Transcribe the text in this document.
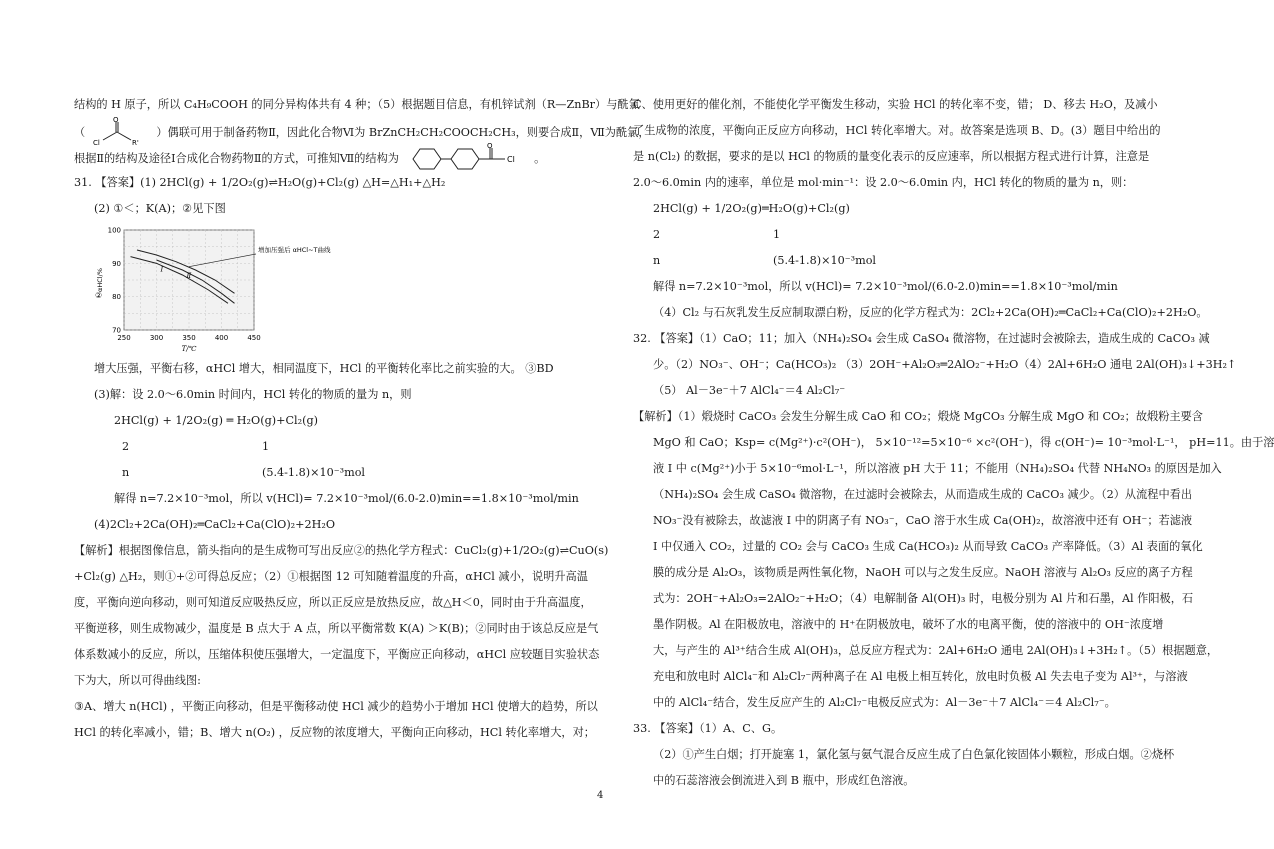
结构的 H 原子，所以 C₄H₉COOH 的同分异构体共有 4 种；（5）根据题目信息，有机锌试剂（R—ZnBr）与酰氯
（
O
Cl	R'
）偶联可用于制备药物Ⅱ，因此化合物Ⅵ为 BrZnCH₂CH₂COOCH₂CH₃，则要合成Ⅱ，Ⅶ为酰氯，
根据Ⅱ的结构及途径Ⅰ合成化合物药物Ⅱ的方式，可推知Ⅶ的结构为
O
Cl 。
31. 【答案】(1) 2HCl(g) + 1/2O₂(g)⇌H₂O(g)+Cl₂(g) △H=△H₁+△H₂
(2) ①＜；K(A)；②见下图
250	300	350	400	450
70
80
90
100
T/℃
αHCl/%
②
Ⅰ
Ⅱ
增加压强后 αHCl~T曲线
增大压强，平衡右移，αHCl 增大，相同温度下，HCl 的平衡转化率比之前实验的大。 ③BD
(3)解：设 2.0～6.0min 时间内，HCl 转化的物质的量为 n，则
2HCl(g) + 1/2O₂(g) ═ H₂O(g)+Cl₂(g)
2	1
n	(5.4-1.8)×10⁻³mol
解得 n=7.2×10⁻³mol，所以 v(HCl)= 7.2×10⁻³mol/(6.0-2.0)min==1.8×10⁻³mol/min
(4)2Cl₂+2Ca(OH)₂═CaCl₂+Ca(ClO)₂+2H₂O
【解析】根据图像信息，箭头指向的是生成物可写出反应②的热化学方程式：CuCl₂(g)+1/2O₂(g)⇌CuO(s)
+Cl₂(g) △H₂，则①+②可得总反应；（2）①根据图 12 可知随着温度的升高，αHCl 减小，说明升高温
度，平衡向逆向移动，则可知道反应吸热反应，所以正反应是放热反应，故△H＜0，同时由于升高温度，
平衡逆移，则生成物减少，温度是 B 点大于 A 点，所以平衡常数 K(A) ＞K(B)；②同时由于该总反应是气
体系数减小的反应，所以，压缩体积使压强增大，一定温度下，平衡应正向移动，αHCl 应较题目实验状态
下为大，所以可得曲线图:
③A、增大 n(HCl) ，平衡正向移动，但是平衡移动使 HCl 减少的趋势小于增加 HCl 使增大的趋势，所以
HCl 的转化率减小，错；B、增大 n(O₂) ，反应物的浓度增大，平衡向正向移动，HCl 转化率增大，对；
C、使用更好的催化剂，不能使化学平衡发生移动，实验 HCl 的转化率不变，错； D、移去 H₂O，及减小
了生成物的浓度，平衡向正反应方向移动，HCl 转化率增大。对。故答案是选项 B、D。(3）题目中给出的
是 n(Cl₂) 的数据，要求的是以 HCl 的物质的量变化表示的反应速率，所以根据方程式进行计算，注意是
2.0～6.0min 内的速率，单位是 mol·min⁻¹：设 2.0～6.0min 内，HCl 转化的物质的量为 n，则：
2HCl(g) + 1/2O₂(g)═H₂O(g)+Cl₂(g)
2	1
n	(5.4-1.8)×10⁻³mol
解得 n=7.2×10⁻³mol，所以 v(HCl)= 7.2×10⁻³mol/(6.0-2.0)min==1.8×10⁻³mol/min
（4）Cl₂ 与石灰乳发生反应制取漂白粉，反应的化学方程式为：2Cl₂+2Ca(OH)₂═CaCl₂+Ca(ClO)₂+2H₂O。
32. 【答案】（1）CaO；11；加入（NH₄)₂SO₄ 会生成 CaSO₄ 微溶物，在过滤时会被除去，造成生成的 CaCO₃ 减
少。（2）NO₃⁻、OH⁻；Ca(HCO₃)₂ （3）2OH⁻+Al₂O₃═2AlO₂⁻+H₂O（4）2Al+6H₂O 通电 2Al(OH)₃↓+3H₂↑
（5） Al－3e⁻＋7 AlCl₄⁻＝4 Al₂Cl₇⁻
【解析】（1）煅烧时 CaCO₃ 会发生分解生成 CaO 和 CO₂；煅烧 MgCO₃ 分解生成 MgO 和 CO₂；故煅粉主要含
MgO 和 CaO；Ksp= c(Mg²⁺)·c²(OH⁻)， 5×10⁻¹²=5×10⁻⁶ ×c²(OH⁻)，得 c(OH⁻)= 10⁻³mol·L⁻¹， pH=11。由于溶
液 I 中 c(Mg²⁺)小于 5×10⁻⁶mol·L⁻¹，所以溶液 pH 大于 11；不能用（NH₄)₂SO₄ 代替 NH₄NO₃ 的原因是加入
（NH₄)₂SO₄ 会生成 CaSO₄ 微溶物，在过滤时会被除去，从而造成生成的 CaCO₃ 减少。（2）从流程中看出
NO₃⁻没有被除去，故滤液 I 中的阴离子有 NO₃⁻，CaO 溶于水生成 Ca(OH)₂，故溶液中还有 OH⁻；若滤液
I 中仅通入 CO₂，过量的 CO₂ 会与 CaCO₃ 生成 Ca(HCO₃)₂ 从而导致 CaCO₃ 产率降低。（3）Al 表面的氧化
膜的成分是 Al₂O₃，该物质是两性氧化物，NaOH 可以与之发生反应。NaOH 溶液与 Al₂O₃ 反应的离子方程
式为：2OH⁻+Al₂O₃=2AlO₂⁻+H₂O；（4）电解制备 Al(OH)₃ 时，电极分别为 Al 片和石墨，Al 作阳极，石
墨作阴极。Al 在阳极放电，溶液中的 H⁺在阴极放电，破坏了水的电离平衡，使的溶液中的 OH⁻浓度增
大，与产生的 Al³⁺结合生成 Al(OH)₃，总反应方程式为：2Al+6H₂O 通电 2Al(OH)₃↓+3H₂↑。（5）根据题意，
充电和放电时 AlCl₄⁻和 Al₂Cl₇⁻两种离子在 Al 电极上相互转化，放电时负极 Al 失去电子变为 Al³⁺，与溶液
中的 AlCl₄⁻结合，发生反应产生的 Al₂Cl₇⁻电极反应式为：Al－3e⁻＋7 AlCl₄⁻＝4 Al₂Cl₇⁻。
33. 【答案】（1）A、C、G。
（2）①产生白烟；打开旋塞 1，氯化氢与氨气混合反应生成了白色氯化铵固体小颗粒，形成白烟。②烧杯
中的石蕊溶液会倒流进入到 B 瓶中，形成红色溶液。
4
